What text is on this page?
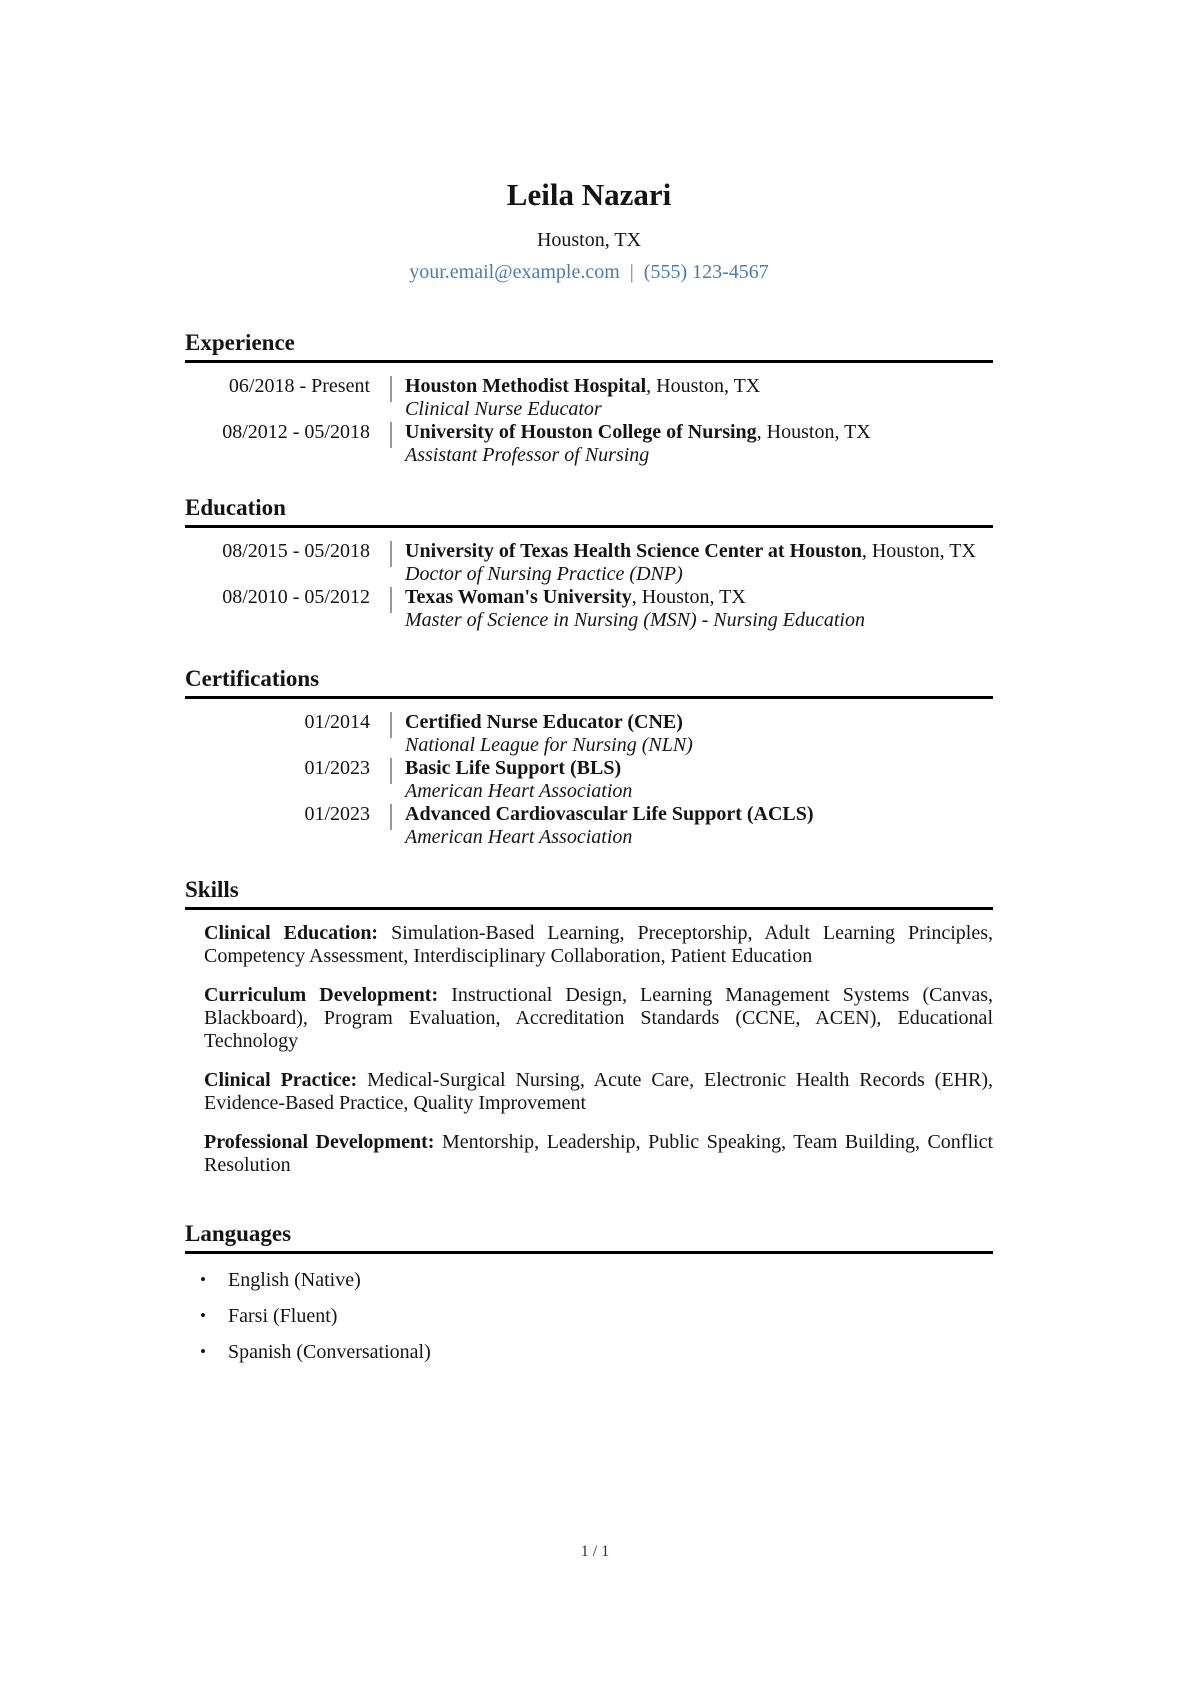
Leila Nazari
Houston, TX
your.email@example.com | (555) 123-4567
Experience
06/2018 - Present Houston Methodist Hospital, Houston, TX
Clinical Nurse Educator
08/2012 - 05/2018 University of Houston College of Nursing, Houston, TX
Assistant Professor of Nursing
Education
08/2015 - 05/2018 University of Texas Health Science Center at Houston, Houston, TX
Doctor of Nursing Practice (DNP)
08/2010 - 05/2012 Texas Woman's University, Houston, TX
Master of Science in Nursing (MSN) - Nursing Education
Certifications
01/2014 Certified Nurse Educator (CNE)
National League for Nursing (NLN)
01/2023 Basic Life Support (BLS)
American Heart Association
01/2023 Advanced Cardiovascular Life Support (ACLS)
American Heart Association
Skills

Clinical Education: Simulation-Based Learning, Preceptorship, Adult Learning Principles, Competency Assessment, Interdisciplinary Collaboration, Patient Education

Curriculum Development: Instructional Design, Learning Management Systems (Canvas, Blackboard), Program Evaluation, Accreditation Standards (CCNE, ACEN), Educational Technology

Clinical Practice: Medical-Surgical Nursing, Acute Care, Electronic Health Records (EHR), Evidence-Based Practice, Quality Improvement

Professional Development: Mentorship, Leadership, Public Speaking, Team Building, Conflict Resolution

Languages
•	English (Native)
•	Farsi (Fluent)
•	Spanish (Conversational)
1 / 1
